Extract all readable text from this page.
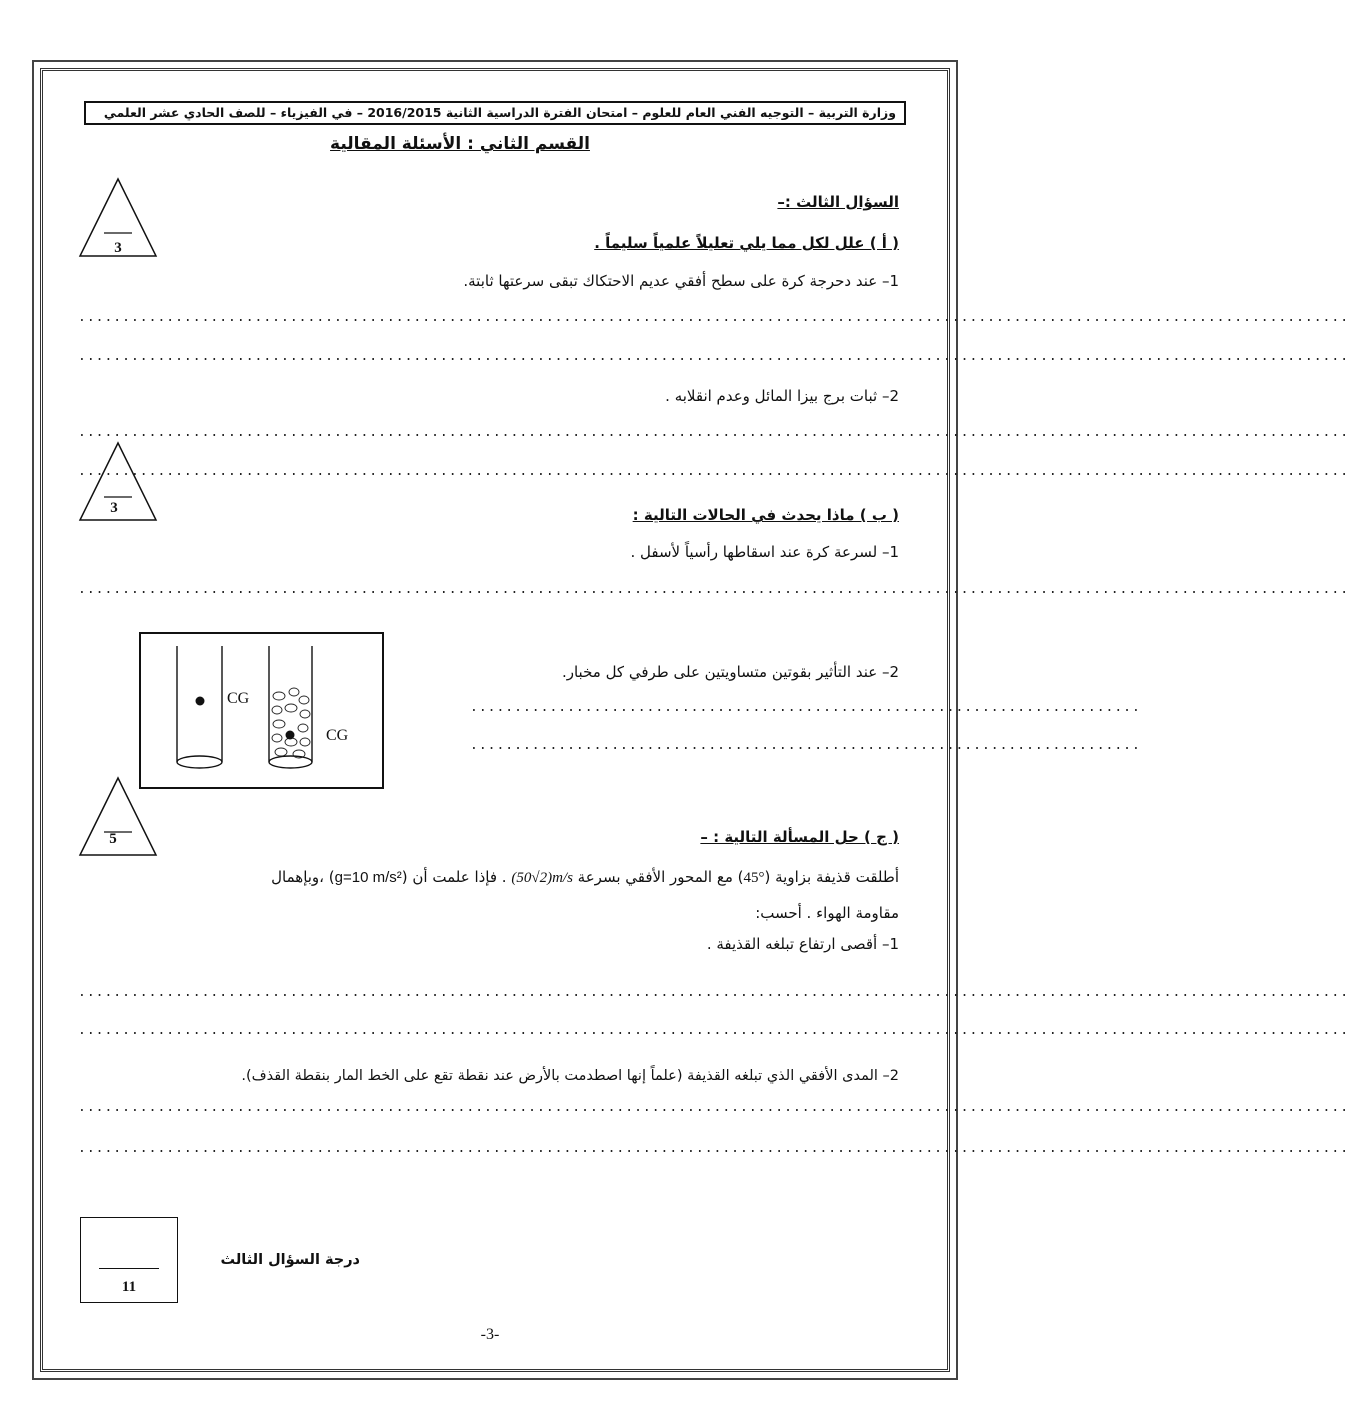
وزارة التربية – التوجيه الفني العام للعلوم – امتحان الفترة الدراسية الثانية 2016/2015 – في الفيزياء – للصف الحادي عشر العلمي
القسم الثاني : الأسئلة المقالية
السؤال الثالث :–
3	( أ ) علل لكل مما يلي تعليلاً علمياً سليماً .
1– عند دحرجة كرة على سطح أفقي عديم الاحتكاك تبقى سرعتها ثابتة.
................................................................................................................................................
................................................................................................................................................
2– ثبات برج بيزا المائل وعدم انقلابه .
................................................................................................................................................
................................................................................................................................................
3	( ب ) ماذا يحدث في الحالات التالية :
1– لسرعة كرة عند اسقاطها رأسياً لأسفل .
................................................................................................................................................
CG
CG
2– عند التأثير بقوتين متساويتين على طرفي كل مخبار.
............................................................................
............................................................................
5	( ج ) حل المسألة التالية : –
أطلقت قذيفة بزاوية (45°) مع المحور الأفقي بسرعة (50√2)m/s . فإذا علمت أن (g=10 m/s²) ،وبإهمال
مقاومة الهواء . أحسب:
1– أقصى ارتفاع تبلغه القذيفة .
................................................................................................................................................
................................................................................................................................................
2– المدى الأفقي الذي تبلغه القذيفة (علماً إنها اصطدمت بالأرض عند نقطة تقع على الخط المار بنقطة القذف).
................................................................................................................................................
................................................................................................................................................
11
درجة السؤال الثالث
-3-
